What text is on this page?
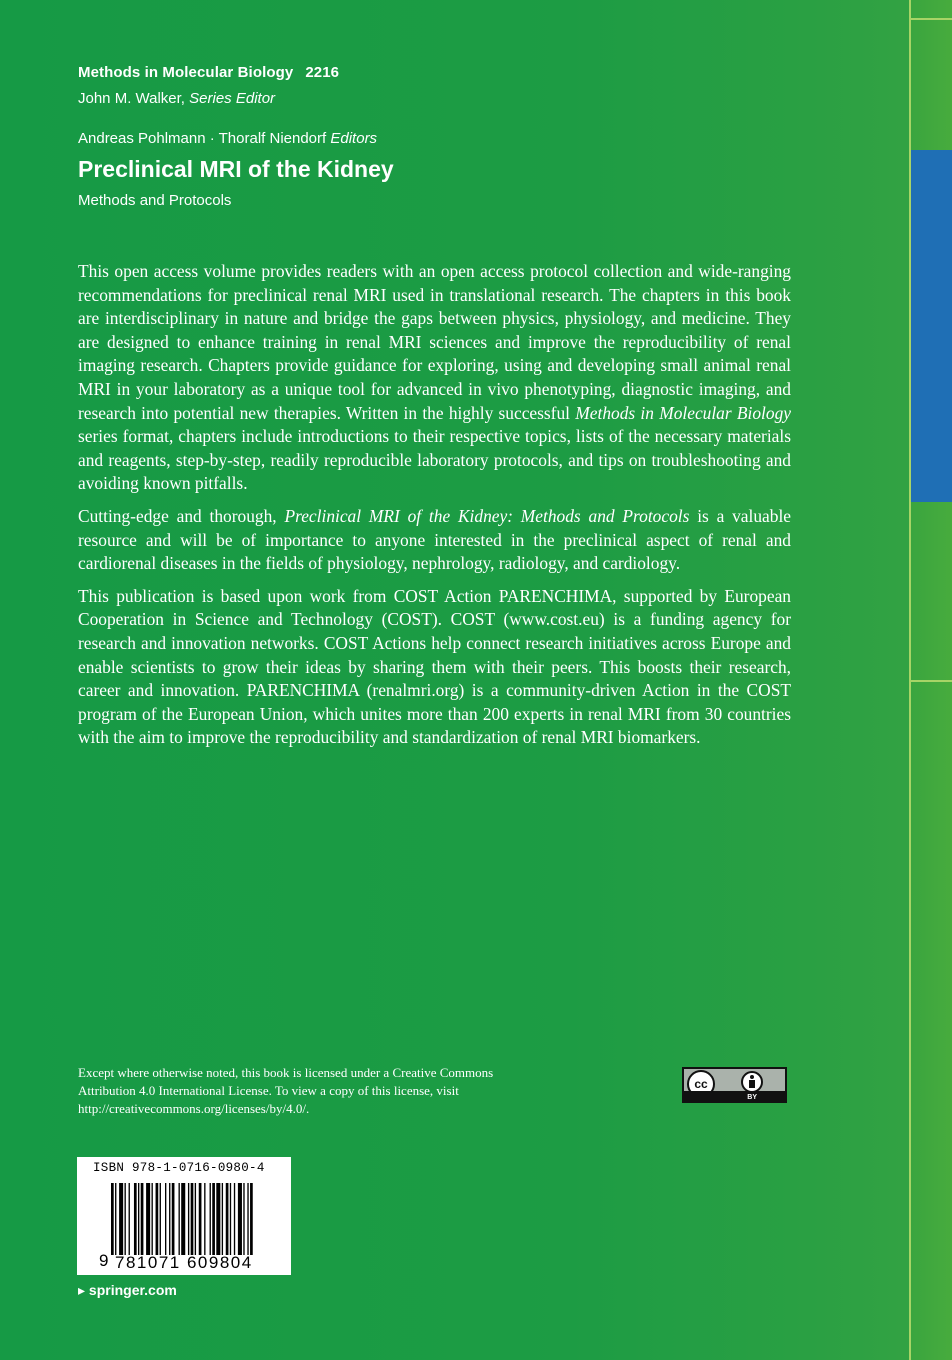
Methods in Molecular Biology 2216
John M. Walker, Series Editor
Andreas Pohlmann · Thoralf Niendorf Editors
Preclinical MRI of the Kidney
Methods and Protocols

This open access volume provides readers with an open access protocol collection and wide-ranging recommendations for preclinical renal MRI used in translational research. The chapters in this book are interdisciplinary in nature and bridge the gaps between physics, physiology, and medicine. They are designed to enhance training in renal MRI sciences and improve the reproducibility of renal imaging research. Chapters provide guidance for exploring, using and developing small animal renal MRI in your laboratory as a unique tool for advanced in vivo phenotyping, diagnostic imaging, and research into potential new therapies. Written in the highly successful Methods in Molecular Biology series format, chapters include introductions to their respective topics, lists of the necessary materials and reagents, step-by-step, readily reproducible laboratory protocols, and tips on troubleshooting and avoiding known pitfalls.

Cutting-edge and thorough, Preclinical MRI of the Kidney: Methods and Protocols is a valuable resource and will be of importance to anyone interested in the preclinical aspect of renal and cardiorenal diseases in the fields of physiology, nephrology, radiology, and cardiology.

This publication is based upon work from COST Action PARENCHIMA, supported by European Cooperation in Science and Technology (COST). COST (www.cost.eu) is a funding agency for research and innovation networks. COST Actions help connect research initiatives across Europe and enable scientists to grow their ideas by sharing them with their peers. This boosts their research, career and innovation. PARENCHIMA (renalmri.org) is a community-driven Action in the COST program of the European Union, which unites more than 200 experts in renal MRI from 30 countries with the aim to improve the reproducibility and standardization of renal MRI biomarkers.

Except where otherwise noted, this book is licensed under a Creative Commons Attribution 4.0 International License. To view a copy of this license, visit http://creativecommons.org/licenses/by/4.0/.
cc
BY
ISBN 978-1-0716-0980-4
9 781071 609804
▸ springer.com
